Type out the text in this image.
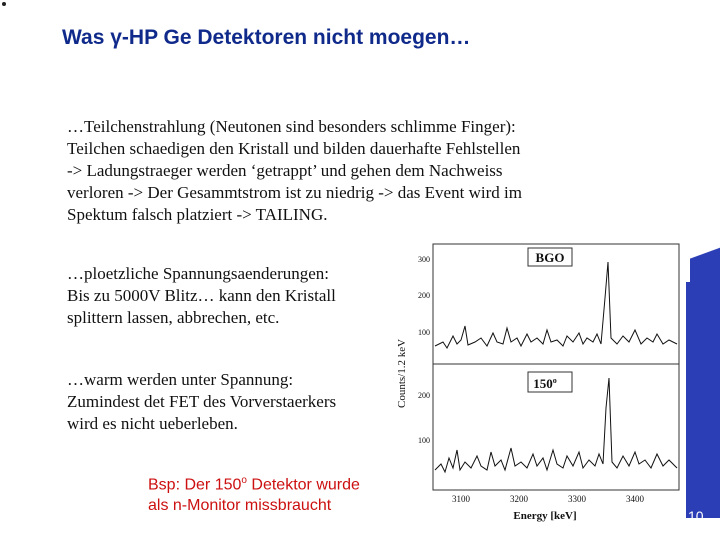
Was γ-HP Ge Detektoren nicht moegen…
…Teilchenstrahlung (Neutonen sind besonders schlimme Finger):
Teilchen schaedigen den Kristall und bilden dauerhafte Fehlstellen
-> Ladungstraeger werden ‘getrappt’ und gehen dem Nachweiss
verloren -> Der Gesammtstrom ist zu niedrig -> das Event wird im
Spektum falsch platziert -> TAILING.
…ploetzliche Spannungsaenderungen:
Bis zu 5000V Blitz… kann den Kristall
splittern lassen, abbrechen, etc.
…warm werden unter Spannung:
Zumindest det FET des Vorverstaerkers
wird es nicht ueberleben.
Bsp: Der 150$^o$ Detektor wurde
als n-Monitor missbraucht
10
Counts/1.2 keV
300
200
100
BGO
200
100
150$^o$
3100	3200	3300	3400
Energy [keV]
